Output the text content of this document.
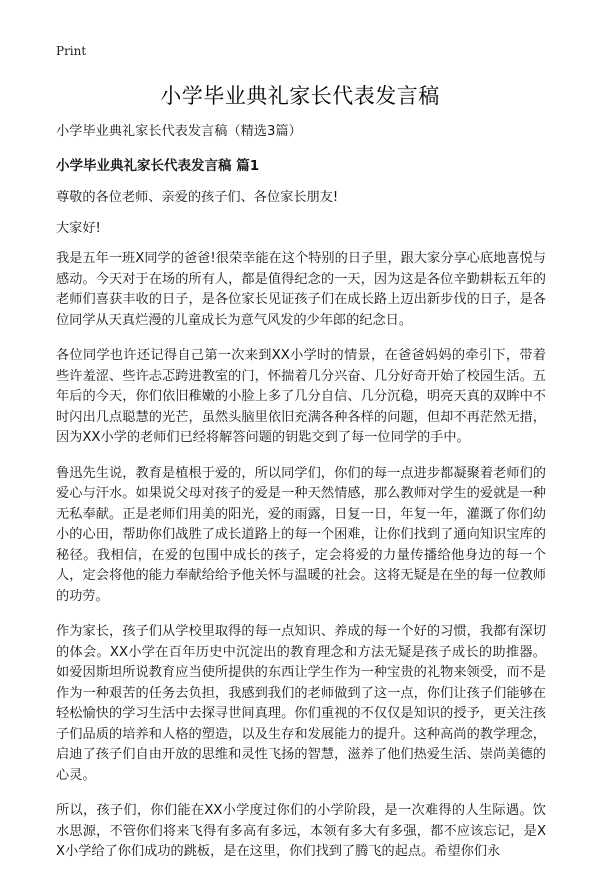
Print
小学毕业典礼家长代表发言稿

小学毕业典礼家长代表发言稿（精选3篇）

小学毕业典礼家长代表发言稿 篇1

尊敬的各位老师、亲爱的孩子们、各位家长朋友!

大家好!

我是五年一班X同学的爸爸!很荣幸能在这个特别的日子里，跟大家分享心底地喜悦与感动。今天对于在场的所有人，都是值得纪念的一天，因为这是各位辛勤耕耘五年的老师们喜获丰收的日子，是各位家长见证孩子们在成长路上迈出新步伐的日子，是各位同学从天真烂漫的儿童成长为意气风发的少年郎的纪念日。

各位同学也许还记得自己第一次来到XX小学时的情景，在爸爸妈妈的牵引下，带着些许羞涩、些许忐忑跨进教室的门，怀揣着几分兴奋、几分好奇开始了校园生活。五年后的今天，你们依旧稚嫩的小脸上多了几分自信、几分沉稳，明亮天真的双眸中不时闪出几点聪慧的光芒，虽然头脑里依旧充满各种各样的问题，但却不再茫然无措，因为XX小学的老师们已经将解答问题的钥匙交到了每一位同学的手中。

鲁迅先生说，教育是植根于爱的，所以同学们，你们的每一点进步都凝聚着老师们的爱心与汗水。如果说父母对孩子的爱是一种天然情感，那么教师对学生的爱就是一种无私奉献。正是老师们用美的阳光，爱的雨露，日复一日，年复一年，灌溉了你们幼小的心田，帮助你们战胜了成长道路上的每一个困难，让你们找到了通向知识宝库的秘径。我相信，在爱的包围中成长的孩子，定会将爱的力量传播给他身边的每一个人，定会将他的能力奉献给给予他关怀与温暖的社会。这将无疑是在坐的每一位教师的功劳。

作为家长，孩子们从学校里取得的每一点知识、养成的每一个好的习惯，我都有深切的体会。XX小学在百年历史中沉淀出的教育理念和方法无疑是孩子成长的助推器。如爱因斯坦所说教育应当使所提供的东西让学生作为一种宝贵的礼物来领受，而不是作为一种艰苦的任务去负担，我感到我们的老师做到了这一点，你们让孩子们能够在轻松愉快的学习生活中去探寻世间真理。你们重视的不仅仅是知识的授予，更关注孩子们品质的培养和人格的塑造，以及生存和发展能力的提升。这种高尚的教学理念，启迪了孩子们自由开放的思维和灵性飞扬的智慧，滋养了他们热爱生活、崇尚美德的心灵。

所以，孩子们，你们能在XX小学度过你们的小学阶段，是一次难得的人生际遇。饮水思源，不管你们将来飞得有多高有多远，本领有多大有多强，都不应该忘记，是XX小学给了你们成功的跳板，是在这里，你们找到了腾飞的起点。希望你们永
